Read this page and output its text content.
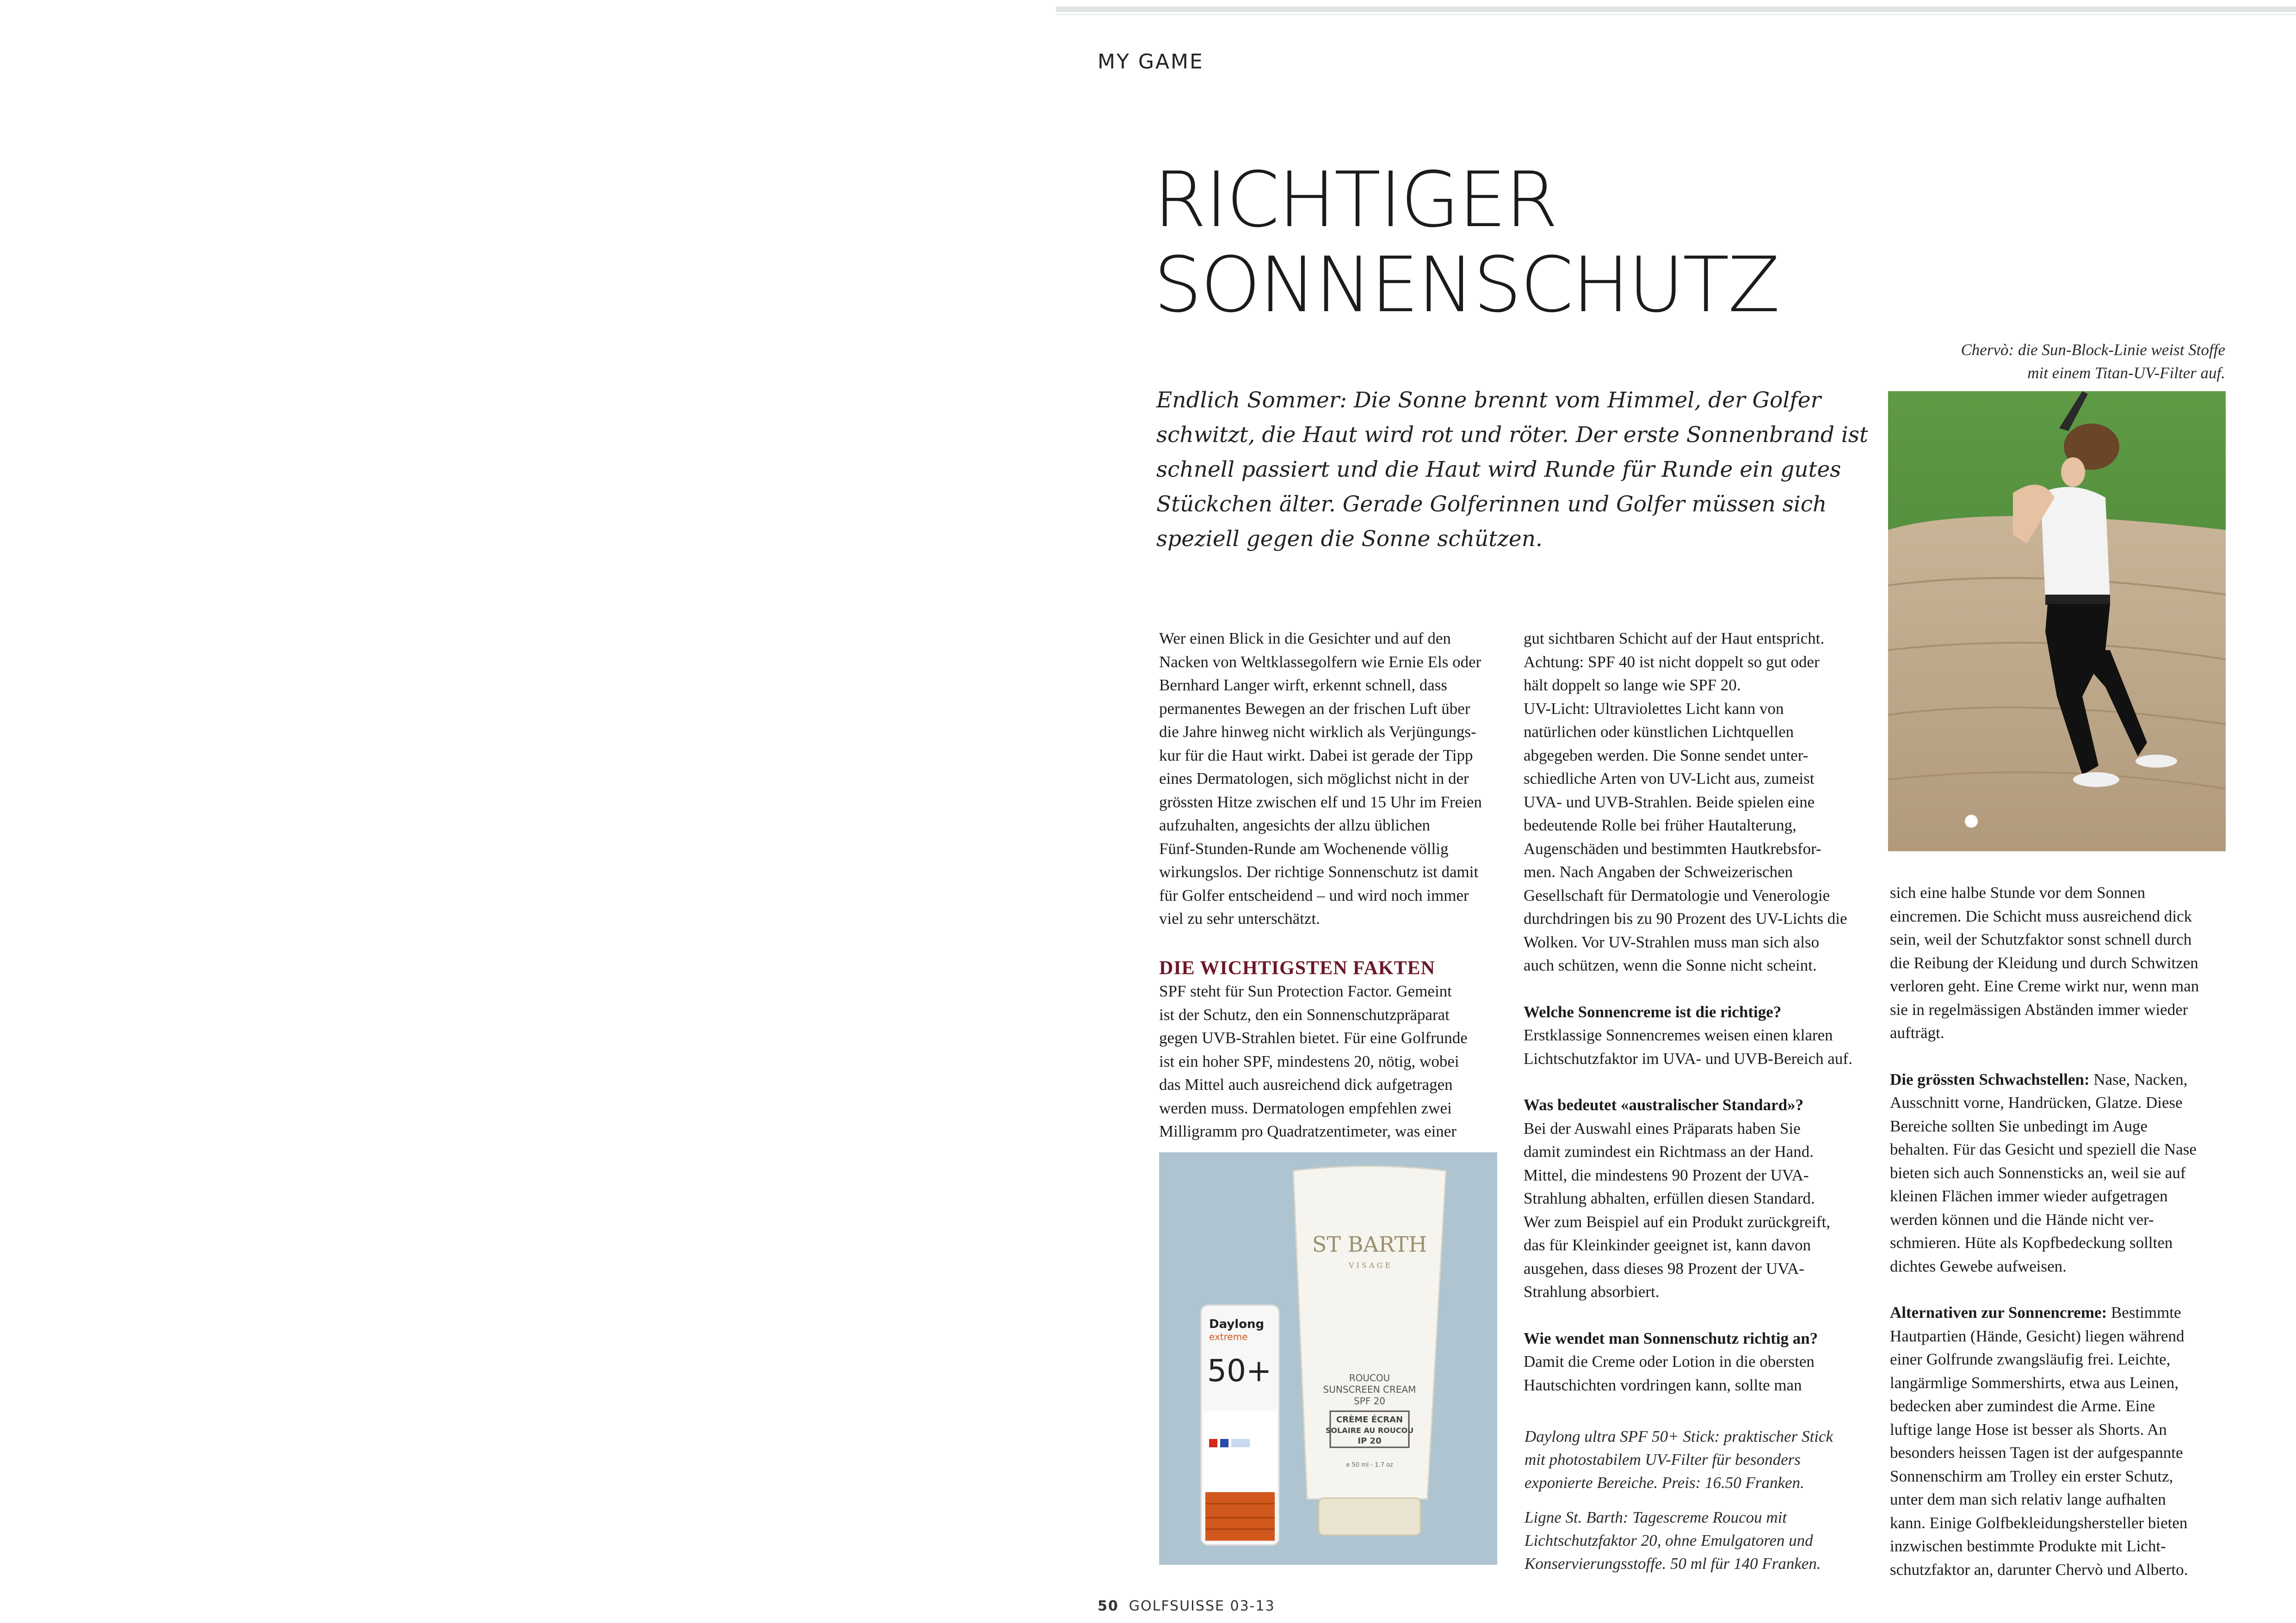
MY GAME
RICHTIGER
SONNENSCHUTZ

Chervò: die Sun-Block-Linie weist Stoffe

mit einem Titan-UV-Filter auf.

Endlich Sommer: Die Sonne brennt vom Himmel, der Golfer
schwitzt, die Haut wird rot und röter. Der erste Sonnenbrand ist
schnell passiert und die Haut wird Runde für Runde ein gutes
Stückchen älter. Gerade Golferinnen und Golfer müssen sich
speziell gegen die Sonne schützen.

Wer einen Blick in die Gesichter und auf den

Nacken von Weltklassegolfern wie Ernie Els oder

Bernhard Langer wirft, erkennt schnell, dass

permanentes Bewegen an der frischen Luft über

die Jahre hinweg nicht wirklich als Verjüngungs-

kur für die Haut wirkt. Dabei ist gerade der Tipp

eines Dermatologen, sich möglichst nicht in der

grössten Hitze zwischen elf und 15 Uhr im Freien

aufzuhalten, angesichts der allzu üblichen

Fünf-Stunden-Runde am Wochenende völlig

wirkungslos. Der richtige Sonnenschutz ist damit

für Golfer entscheidend – und wird noch immer

viel zu sehr unterschätzt.

DIE WICHTIGSTEN FAKTEN

SPF steht für Sun Protection Factor. Gemeint

ist der Schutz, den ein Sonnenschutzpräparat

gegen UVB-Strahlen bietet. Für eine Golfrunde

ist ein hoher SPF, mindestens 20, nötig, wobei

das Mittel auch ausreichend dick aufgetragen

werden muss. Dermatologen empfehlen zwei

Milligramm pro Quadratzentimeter, was einer

ST BARTH
V I S A G E
ROUCOU
SUNSCREEN CREAM
SPF 20
CRÈME ÉCRAN
SOLAIRE AU ROUCOU
IP 20
e 50 ml - 1.7 oz
Daylong
extreme
50+

gut sichtbaren Schicht auf der Haut entspricht.

Achtung: SPF 40 ist nicht doppelt so gut oder

hält doppelt so lange wie SPF 20.

UV-Licht: Ultraviolettes Licht kann von

natürlichen oder künstlichen Lichtquellen

abgegeben werden. Die Sonne sendet unter-

schiedliche Arten von UV-Licht aus, zumeist

UVA- und UVB-Strahlen. Beide spielen eine

bedeutende Rolle bei früher Hautalterung,

Augenschäden und bestimmten Hautkrebsfor-

men. Nach Angaben der Schweizerischen

Gesellschaft für Dermatologie und Venerologie

durchdringen bis zu 90 Prozent des UV-Lichts die

Wolken. Vor UV-Strahlen muss man sich also

auch schützen, wenn die Sonne nicht scheint.

Welche Sonnencreme ist die richtige?

Erstklassige Sonnencremes weisen einen klaren

Lichtschutzfaktor im UVA- und UVB-Bereich auf.

Was bedeutet «australischer Standard»?

Bei der Auswahl eines Präparats haben Sie

damit zumindest ein Richtmass an der Hand.

Mittel, die mindestens 90 Prozent der UVA-

Strahlung abhalten, erfüllen diesen Standard.

Wer zum Beispiel auf ein Produkt zurückgreift,

das für Kleinkinder geeignet ist, kann davon

ausgehen, dass dieses 98 Prozent der UVA-

Strahlung absorbiert.

Wie wendet man Sonnenschutz richtig an?

Damit die Creme oder Lotion in die obersten

Hautschichten vordringen kann, sollte man

Daylong ultra SPF 50+ Stick: praktischer Stick

mit photostabilem UV-Filter für besonders

exponierte Bereiche. Preis: 16.50 Franken.

Ligne St. Barth: Tagescreme Roucou mit

Lichtschutzfaktor 20, ohne Emulgatoren und

Konservierungsstoffe. 50 ml für 140 Franken.

sich eine halbe Stunde vor dem Sonnen

eincremen. Die Schicht muss ausreichend dick

sein, weil der Schutzfaktor sonst schnell durch

die Reibung der Kleidung und durch Schwitzen

verloren geht. Eine Creme wirkt nur, wenn man

sie in regelmässigen Abständen immer wieder

aufträgt.

Die grössten Schwachstellen: Nase, Nacken,

Ausschnitt vorne, Handrücken, Glatze. Diese

Bereiche sollten Sie unbedingt im Auge

behalten. Für das Gesicht und speziell die Nase

bieten sich auch Sonnensticks an, weil sie auf

kleinen Flächen immer wieder aufgetragen

werden können und die Hände nicht ver-

schmieren. Hüte als Kopfbedeckung sollten

dichtes Gewebe aufweisen.

Alternativen zur Sonnencreme: Bestimmte

Hautpartien (Hände, Gesicht) liegen während

einer Golfrunde zwangsläufig frei. Leichte,

langärmlige Sommershirts, etwa aus Leinen,

bedecken aber zumindest die Arme. Eine

luftige lange Hose ist besser als Shorts. An

besonders heissen Tagen ist der aufgespannte

Sonnenschirm am Trolley ein erster Schutz,

unter dem man sich relativ lange aufhalten

kann. Einige Golfbekleidungshersteller bieten

inzwischen bestimmte Produkte mit Licht-

schutzfaktor an, darunter Chervò und Alberto.

50 GOLFSUISSE 03-13
